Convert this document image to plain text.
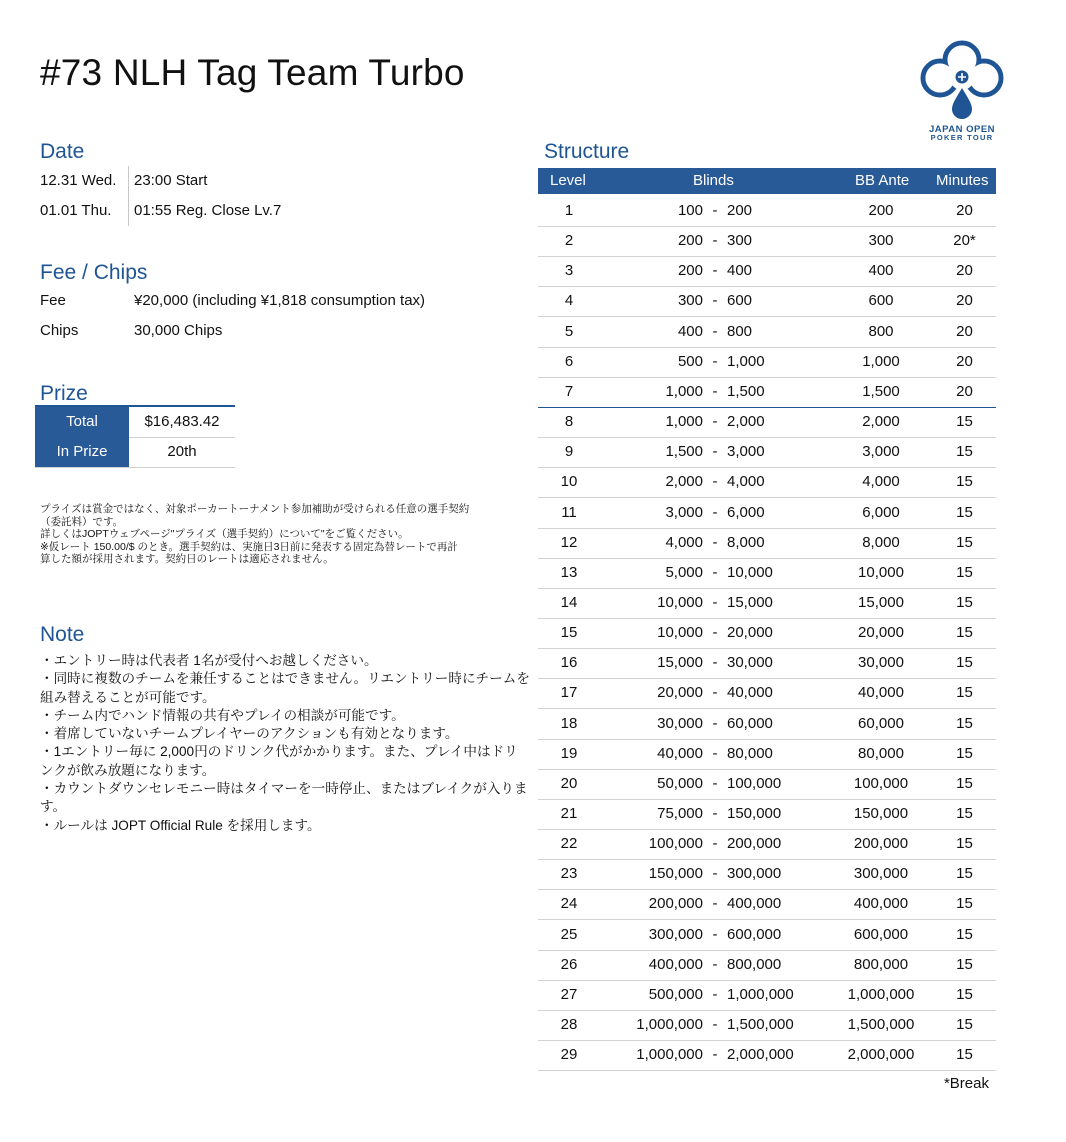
#73 NLH Tag Team Turbo
JAPAN OPEN
POKER TOUR
Date
12.31 Wed. 23:00 Start
01.01 Thu. 01:55 Reg. Close Lv.7
Fee / Chips
Fee	¥20,000 (including ¥1,818 consumption tax)
Chips	30,000 Chips
Prize
Total	$16,483.42
In Prize	20th
プライズは賞金ではなく、対象ポーカートーナメント参加補助が受けられる任意の選手契約
（委託料）です。
詳しくはJOPTウェブページ"プライズ（選手契約）について"をご覧ください。
※仮レート 150.00/$ のとき。選手契約は、実施日3日前に発表する固定為替レートで再計
算した額が採用されます。契約日のレートは適応されません。
Note
・エントリー時は代表者 1名が受付へお越しください。
・同時に複数のチームを兼任することはできません。リエントリー時にチームを組み替えることが可能です。
・チーム内でハンド情報の共有やプレイの相談が可能です。
・着席していないチームプレイヤーのアクションも有効となります。
・1エントリー毎に 2,000円のドリンク代がかかります。また、プレイ中はドリンクが飲み放題になります。
・カウントダウンセレモニー時はタイマーを一時停止、またはブレイクが入ります。
・ルールは JOPT Official Rule を採用します。
Structure
Level	Blinds	BB Ante Minutes
1	100 - 200	200	20
2	200 - 300	300	20*
3	200 - 400	400	20
4	300 - 600	600	20
5	400 - 800	800	20
6	500 - 1,000	1,000	20
7	1,000 - 1,500	1,500	20
8	1,000 - 2,000	2,000	15
9	1,500 - 3,000	3,000	15
10	2,000 - 4,000	4,000	15
11	3,000 - 6,000	6,000	15
12	4,000 - 8,000	8,000	15
13	5,000 - 10,000	10,000	15
14	10,000 - 15,000	15,000	15
15	10,000 - 20,000	20,000	15
16	15,000 - 30,000	30,000	15
17	20,000 - 40,000	40,000	15
18	30,000 - 60,000	60,000	15
19	40,000 - 80,000	80,000	15
20	50,000 - 100,000	100,000	15
21	75,000 - 150,000	150,000	15
22	100,000 - 200,000	200,000	15
23	150,000 - 300,000	300,000	15
24	200,000 - 400,000	400,000	15
25	300,000 - 600,000	600,000	15
26	400,000 - 800,000	800,000	15
27	500,000 - 1,000,000	1,000,000	15
28	1,000,000 - 1,500,000	1,500,000	15
29	1,000,000 - 2,000,000	2,000,000	15
*Break
